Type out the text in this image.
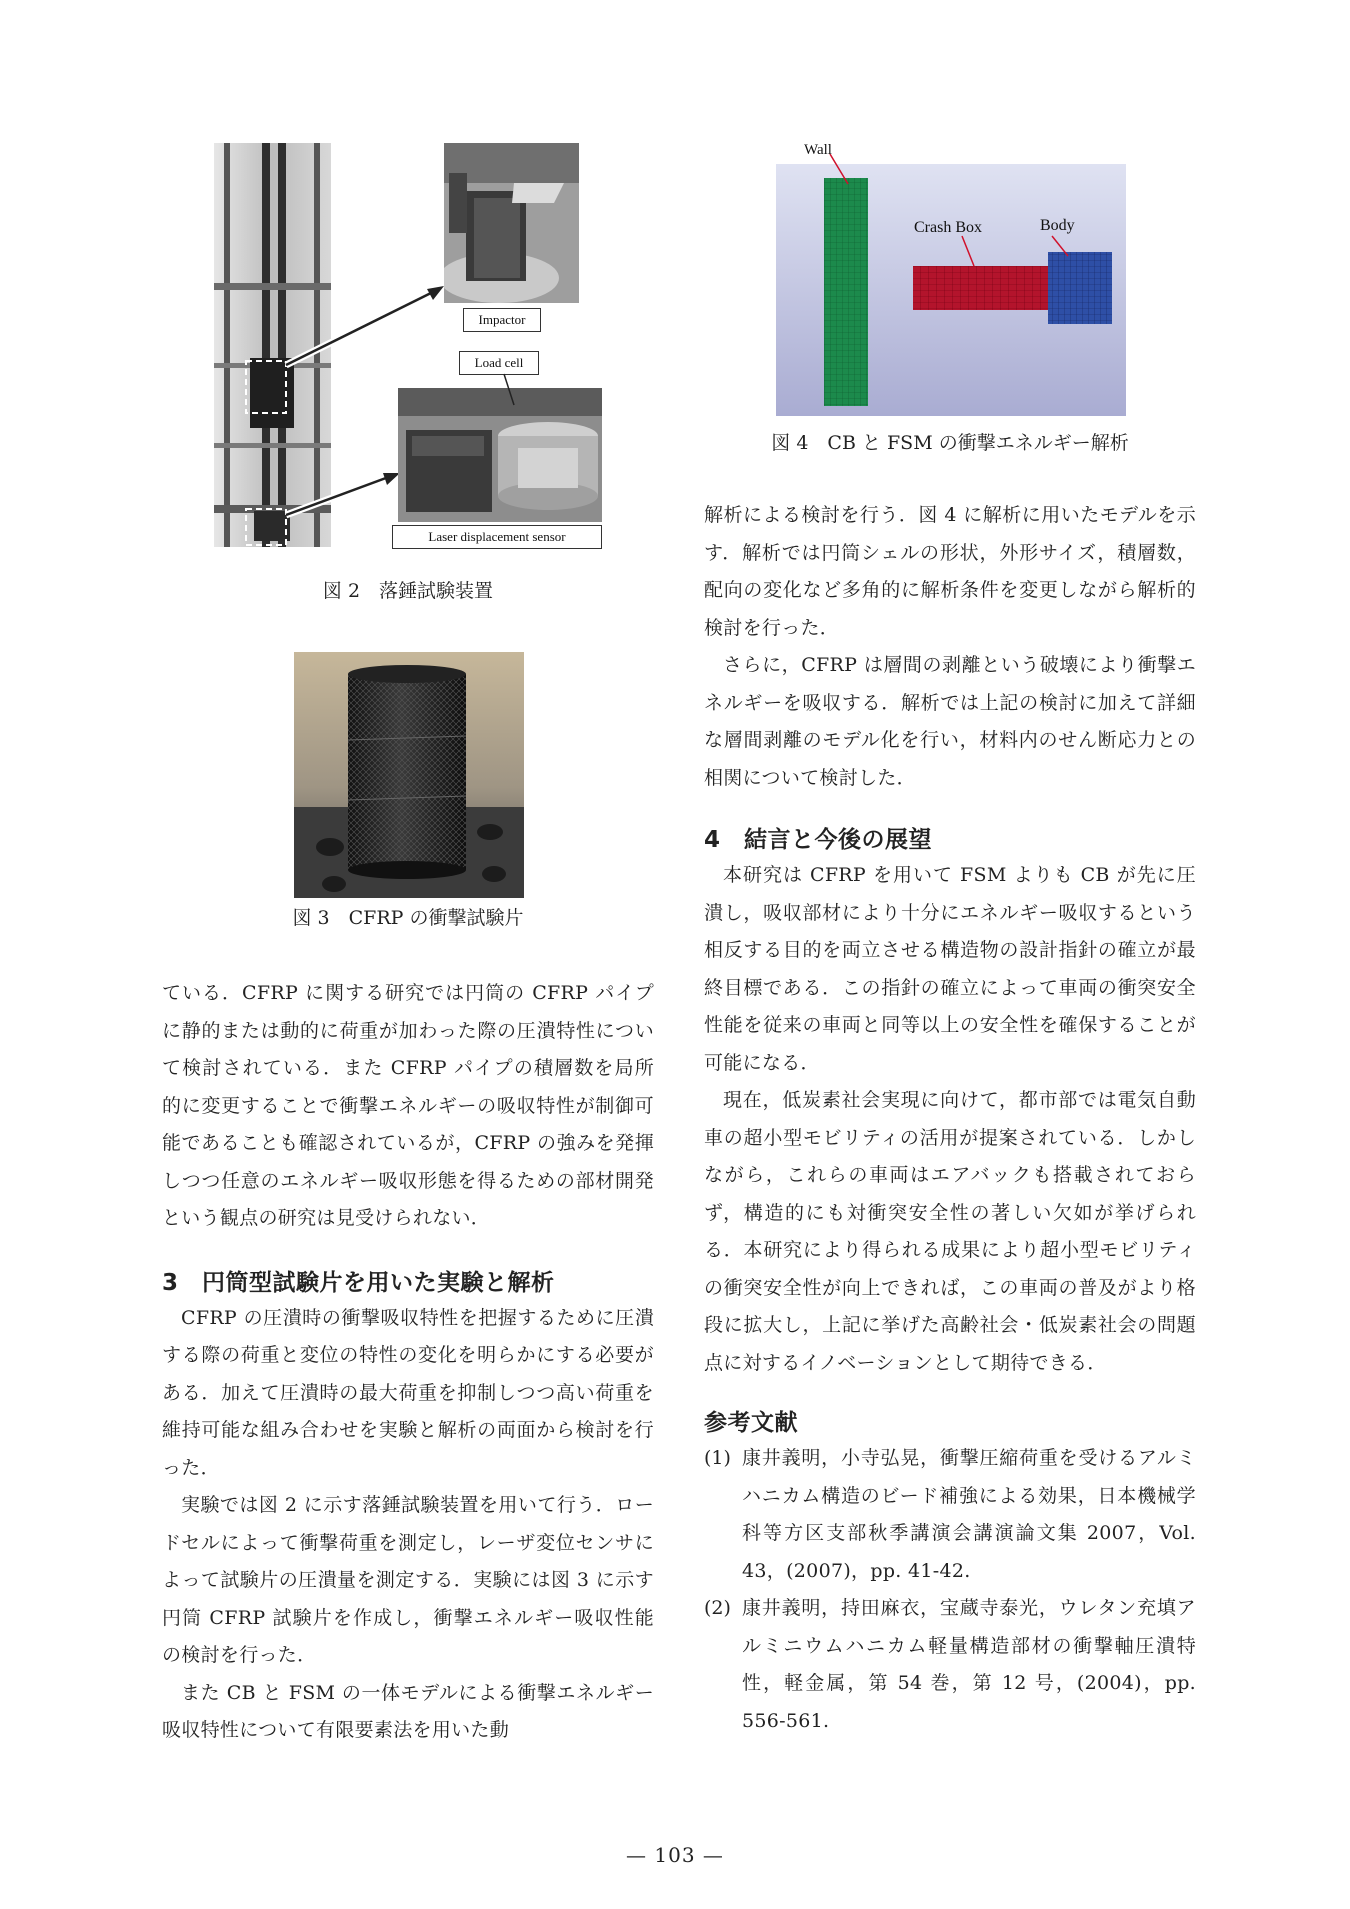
Impactor
Load cell
Laser displacement sensor
図 2　落錘試験装置
図 3　CFRP の衝撃試験片
Wall
Crash Box	Body
図 4　CB と FSM の衝撃エネルギー解析

ている．CFRP に関する研究では円筒の CFRP パイプに静的または動的に荷重が加わった際の圧潰特性について検討されている．また CFRP パイプの積層数を局所的に変更することで衝撃エネルギーの吸収特性が制御可能であることも確認されているが，CFRP の強みを発揮しつつ任意のエネルギー吸収形態を得るための部材開発という観点の研究は見受けられない．

3　円筒型試験片を用いた実験と解析

CFRP の圧潰時の衝撃吸収特性を把握するために圧潰する際の荷重と変位の特性の変化を明らかにする必要がある．加えて圧潰時の最大荷重を抑制しつつ高い荷重を維持可能な組み合わせを実験と解析の両面から検討を行った．

実験では図 2 に示す落錘試験装置を用いて行う．ロードセルによって衝撃荷重を測定し，レーザ変位センサによって試験片の圧潰量を測定する．実験には図 3 に示す円筒 CFRP 試験片を作成し，衝撃エネルギー吸収性能の検討を行った．

また CB と FSM の一体モデルによる衝撃エネルギー吸収特性について有限要素法を用いた動

解析による検討を行う．図 4 に解析に用いたモデルを示す．解析では円筒シェルの形状，外形サイズ，積層数，配向の変化など多角的に解析条件を変更しながら解析的検討を行った．

さらに，CFRP は層間の剥離という破壊により衝撃エネルギーを吸収する．解析では上記の検討に加えて詳細な層間剥離のモデル化を行い，材料内のせん断応力との相関について検討した．

4　結言と今後の展望

本研究は CFRP を用いて FSM よりも CB が先に圧潰し，吸収部材により十分にエネルギー吸収するという相反する目的を両立させる構造物の設計指針の確立が最終目標である．この指針の確立によって車両の衝突安全性能を従来の車両と同等以上の安全性を確保することが可能になる．

現在，低炭素社会実現に向けて，都市部では電気自動車の超小型モビリティの活用が提案されている．しかしながら，これらの車両はエアバックも搭載されておらず，構造的にも対衝突安全性の著しい欠如が挙げられる．本研究により得られる成果により超小型モビリティの衝突安全性が向上できれば，この車両の普及がより格段に拡大し，上記に挙げた高齢社会・低炭素社会の問題点に対するイノベーションとして期待できる．

参考文献
(1) 康井義明，小寺弘晃，衝撃圧縮荷重を受けるアルミハニカム構造のビード補強による効果，日本機械学科等方区支部秋季講演会講演論文集 2007，Vol. 43，(2007)，pp. 41-42.

(2) 康井義明，持田麻衣，宝蔵寺泰光，ウレタン充填アルミニウムハニカム軽量構造部材の衝撃軸圧潰特性，軽金属，第 54 巻，第 12 号，(2004)，pp. 556-561.

— 103 —
